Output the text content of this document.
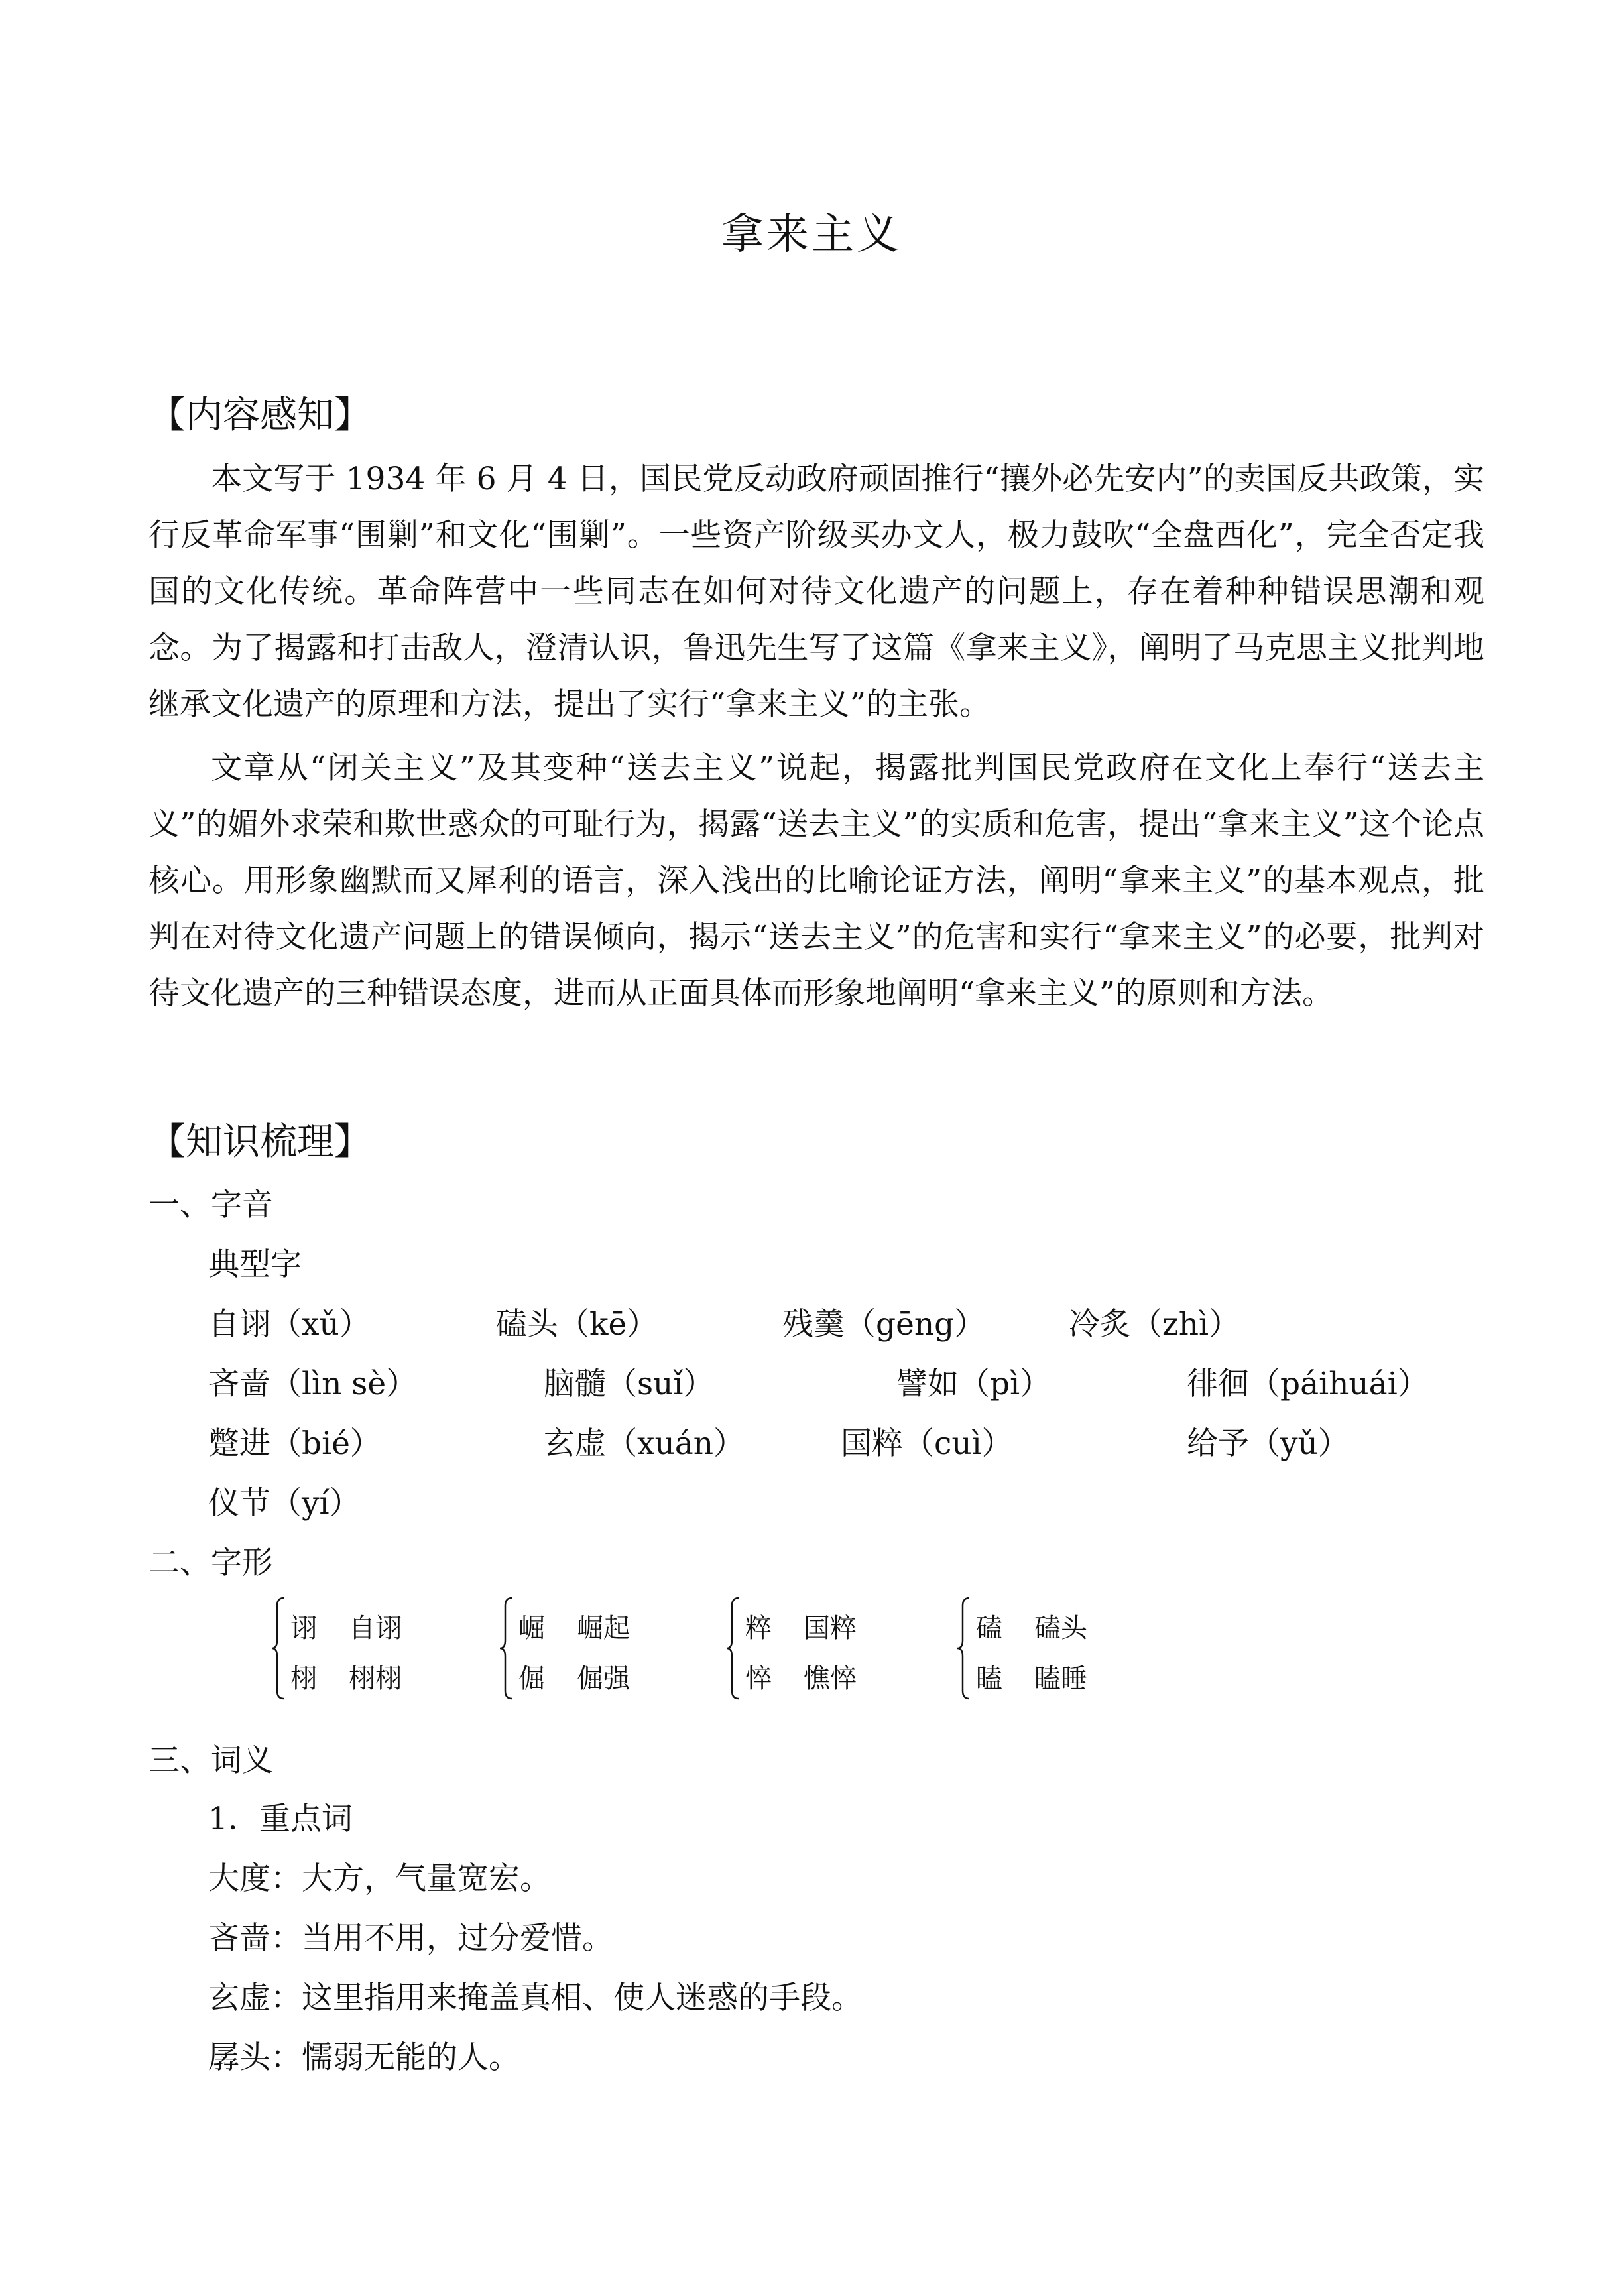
拿来主义
【内容感知】
本文写于 1934 年 6 月 4 日，国民党反动政府顽固推行“攘外必先安内”的卖国反共政策，实行反革命军事“围剿”和文化“围剿”。一些资产阶级买办文人，极力鼓吹“全盘西化”，完全否定我国的文化传统。革命阵营中一些同志在如何对待文化遗产的问题上，存在着种种错误思潮和观念。为了揭露和打击敌人，澄清认识，鲁迅先生写了这篇《拿来主义》，阐明了马克思主义批判地继承文化遗产的原理和方法，提出了实行“拿来主义”的主张。
文章从“闭关主义”及其变种“送去主义”说起，揭露批判国民党政府在文化上奉行“送去主义”的媚外求荣和欺世惑众的可耻行为，揭露“送去主义”的实质和危害，提出“拿来主义”这个论点核心。用形象幽默而又犀利的语言，深入浅出的比喻论证方法，阐明“拿来主义”的基本观点，批判在对待文化遗产问题上的错误倾向，揭示“送去主义”的危害和实行“拿来主义”的必要，批判对待文化遗产的三种错误态度，进而从正面具体而形象地阐明“拿来主义”的原则和方法。
【知识梳理】
一、字音
典型字
自诩（xǔ）	磕头（kē）	残羹（gēng）	冷炙（zhì）
吝啬（lìn sè）	脑髓（suǐ）	譬如（pì）	徘徊（páihuái）
蹩进（bié）	玄虚（xuán）	国粹（cuì）	给予（yǔ）
仪节（yí）
二、字形
诩 自诩
栩 栩栩
崛 崛起
倔 倔强
粹 国粹
悴 憔悴
磕 磕头
瞌 瞌睡
三、词义
1．重点词
大度：大方，气量宽宏。
吝啬：当用不用，过分爱惜。
玄虚：这里指用来掩盖真相、使人迷惑的手段。
孱头：懦弱无能的人。
